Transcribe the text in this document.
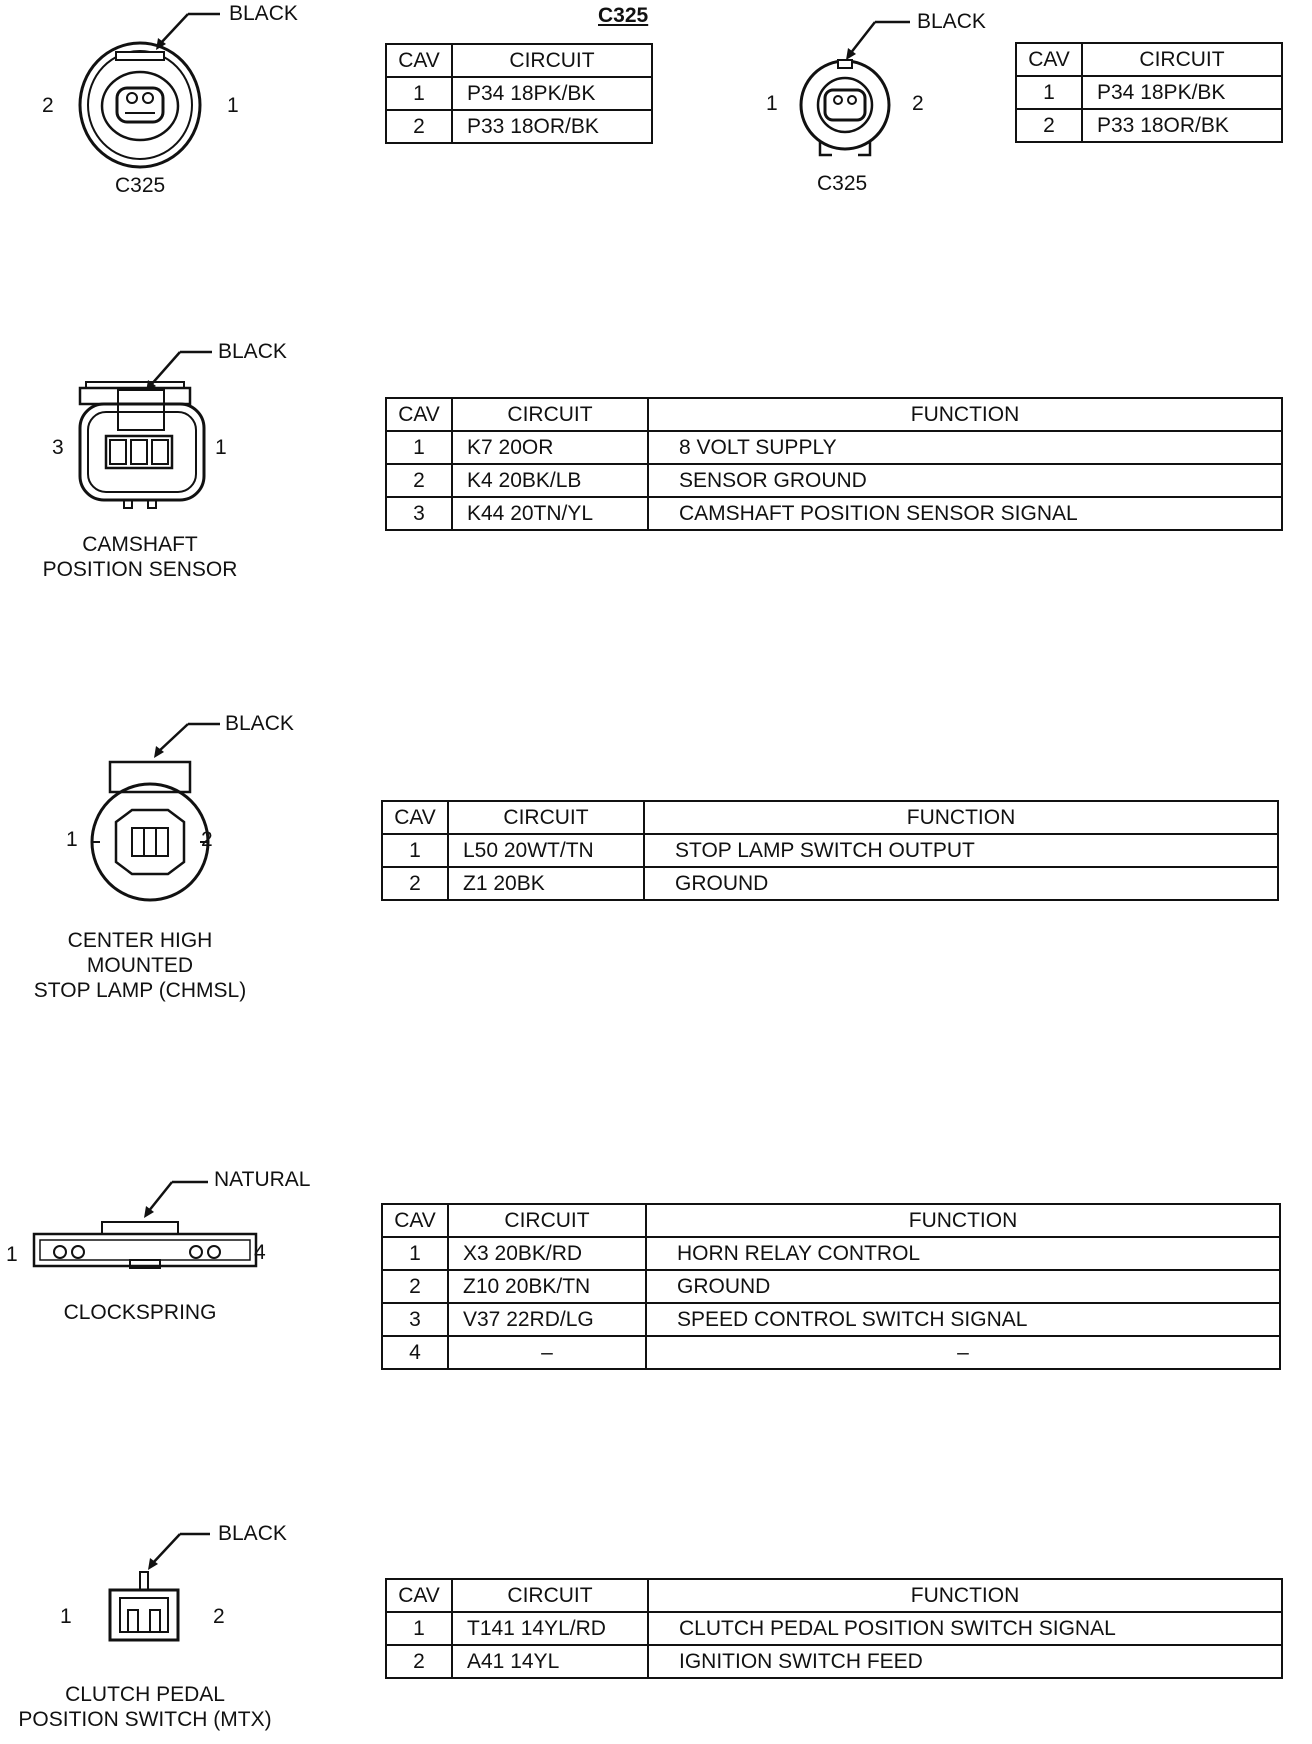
BLACK
2	1
C325
C325
CAV	CIRCUIT
1	P34 18PK/BK
2	P33 18OR/BK
BLACK
1	2
C325
CAV	CIRCUIT
1	P34 18PK/BK
2	P33 18OR/BK
BLACK
3	1
CAMSHAFT
POSITION SENSOR
CAV	CIRCUIT	FUNCTION
1	K7 20OR	8 VOLT SUPPLY
2	K4 20BK/LB	SENSOR GROUND
3	K44 20TN/YL	CAMSHAFT POSITION SENSOR SIGNAL
BLACK
1	2
CENTER HIGH
MOUNTED
STOP LAMP (CHMSL)
CAV	CIRCUIT	FUNCTION
1	L50 20WT/TN	STOP LAMP SWITCH OUTPUT
2	Z1 20BK	GROUND
NATURAL
1	4
CLOCKSPRING
CAV	CIRCUIT	FUNCTION
1	X3 20BK/RD	HORN RELAY CONTROL
2	Z10 20BK/TN	GROUND
3	V37 22RD/LG	SPEED CONTROL SWITCH SIGNAL
4	–	–
BLACK
1	2
CLUTCH PEDAL
POSITION SWITCH (MTX)
CAV	CIRCUIT	FUNCTION
1	T141 14YL/RD	CLUTCH PEDAL POSITION SWITCH SIGNAL
2	A41 14YL	IGNITION SWITCH FEED
